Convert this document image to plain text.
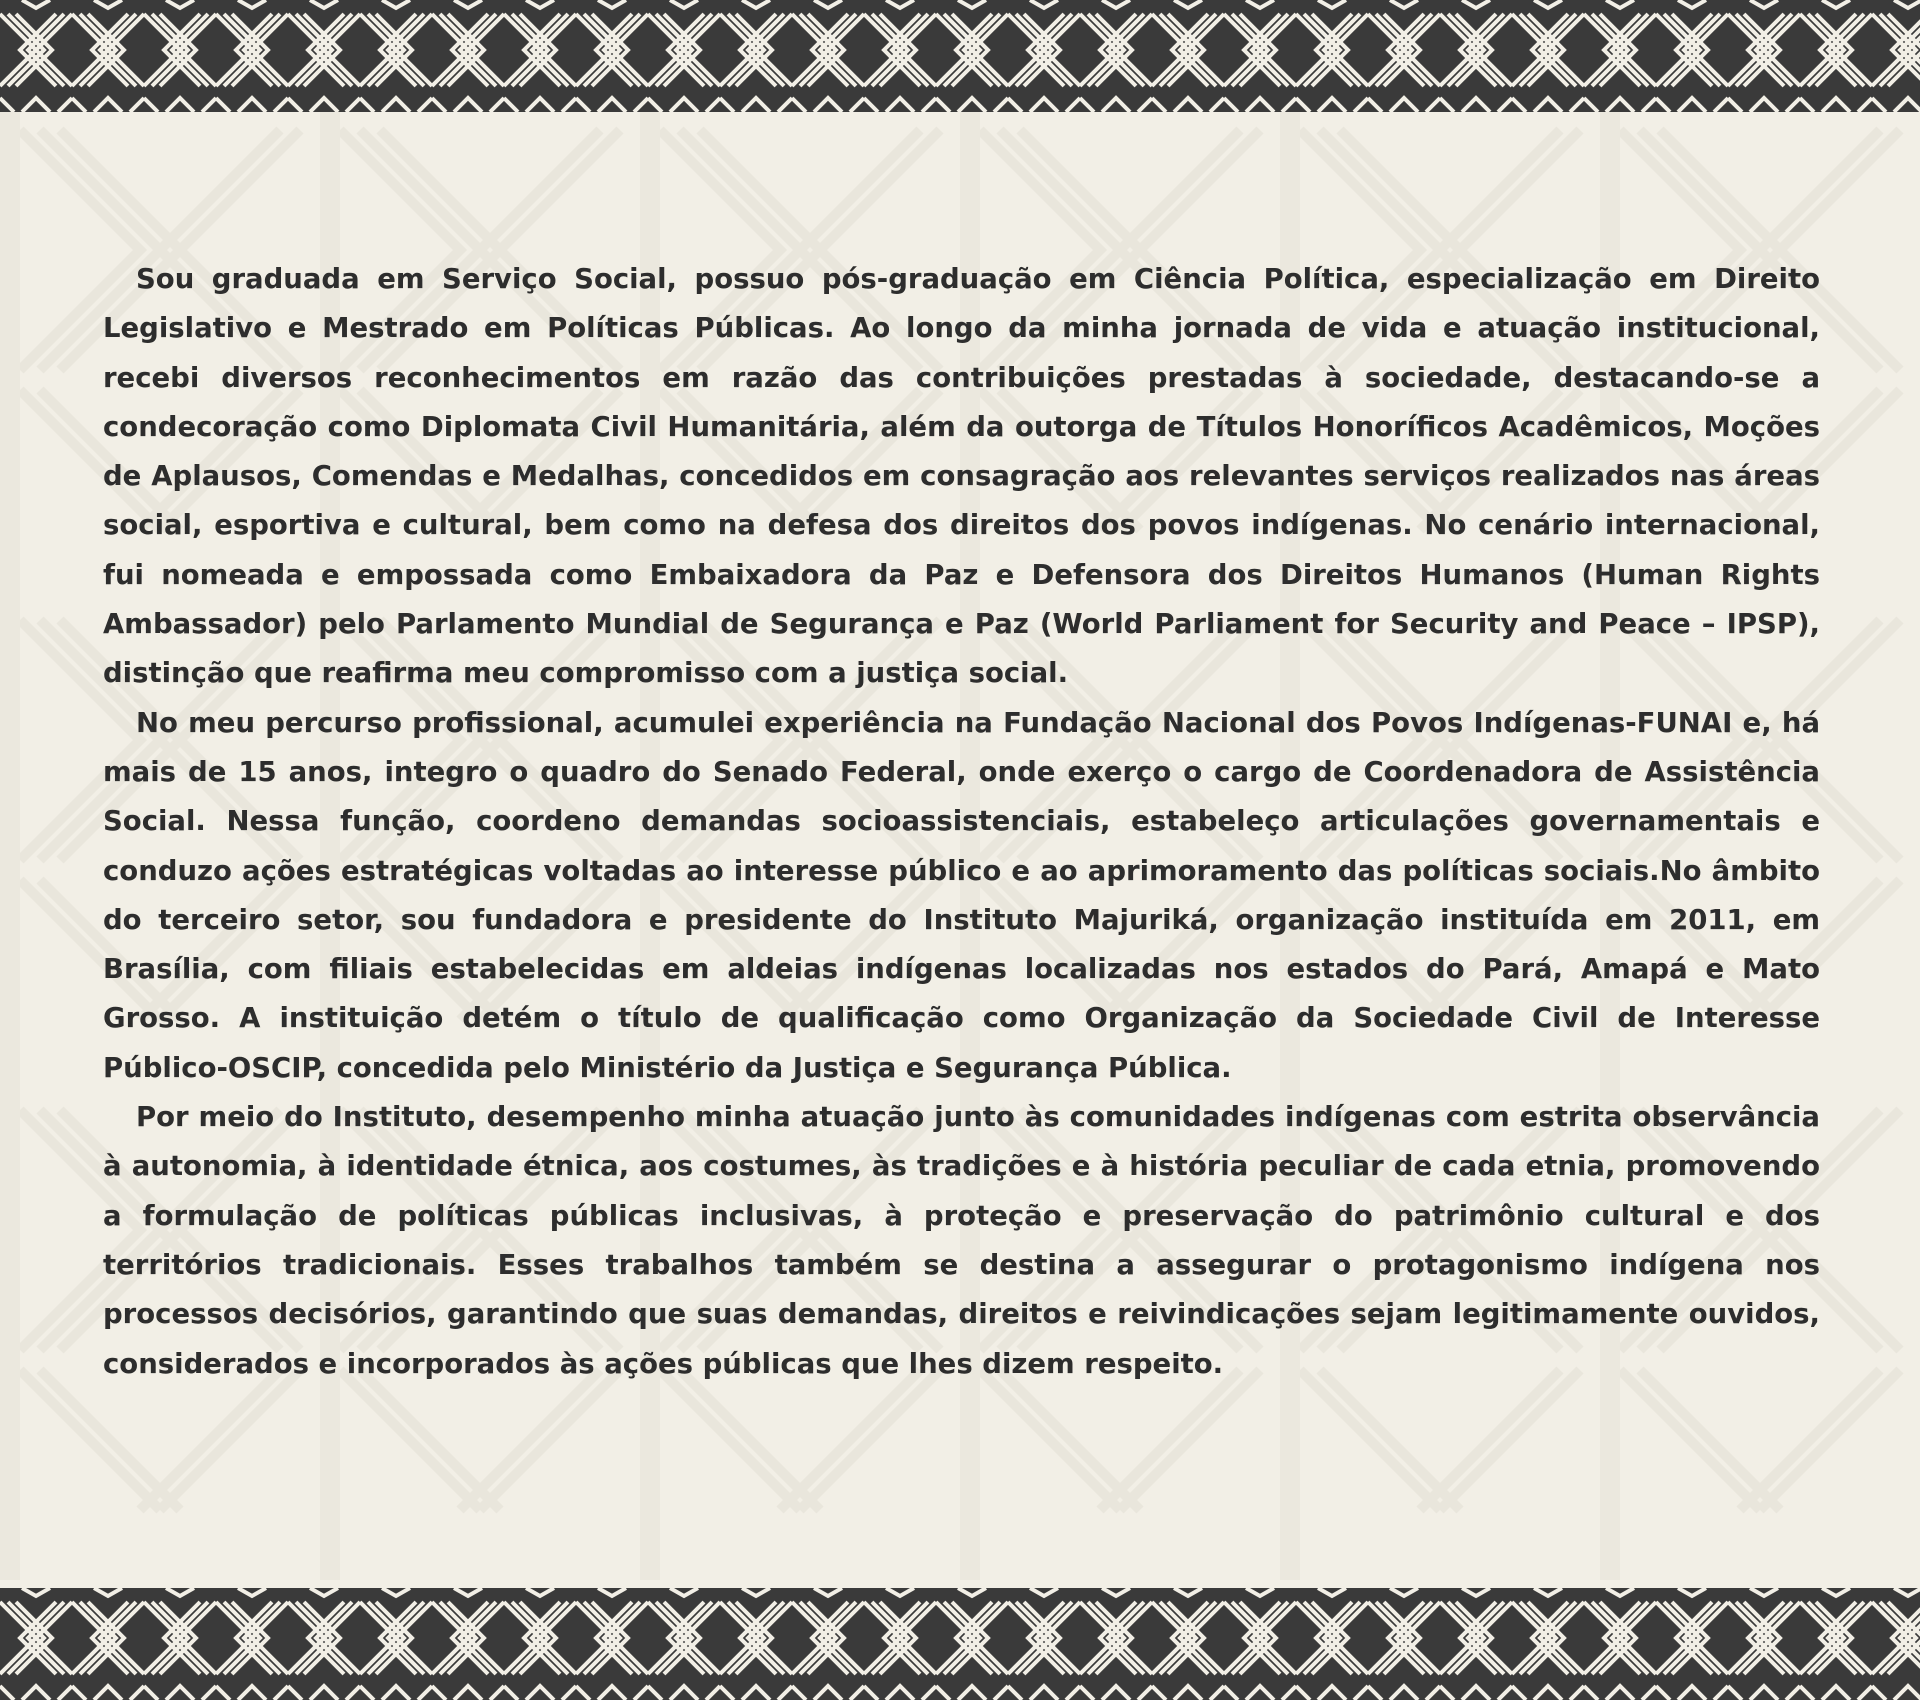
Sou graduada em Serviço Social, possuo pós-graduação em Ciência Política, especialização em Direito Legislativo e Mestrado em Políticas Públicas. Ao longo da minha jornada de vida e atuação institucional, recebi diversos reconhecimentos em razão das contribuições prestadas à sociedade, destacando-se a condecoração como Diplomata Civil Humanitária, além da outorga de Títulos Honoríficos Acadêmicos, Moções de Aplausos, Comendas e Medalhas, concedidos em consagração aos relevantes serviços realizados nas áreas social, esportiva e cultural, bem como na defesa dos direitos dos povos indígenas. No cenário internacional, fui nomeada e empossada como Embaixadora da Paz e Defensora dos Direitos Humanos (Human Rights Ambassador) pelo Parlamento Mundial de Segurança e Paz (World Parliament for Security and Peace – IPSP), distinção que reafirma meu compromisso com a justiça social.

No meu percurso profissional, acumulei experiência na Fundação Nacional dos Povos Indígenas-FUNAI e, há mais de 15 anos, integro o quadro do Senado Federal, onde exerço o cargo de Coordenadora de Assistência Social. Nessa função, coordeno demandas socioassistenciais, estabeleço articulações governamentais e conduzo ações estratégicas voltadas ao interesse público e ao aprimoramento das políticas sociais.No âmbito do terceiro setor, sou fundadora e presidente do Instituto Majuriká, organização instituída em 2011, em Brasília, com filiais estabelecidas em aldeias indígenas localizadas nos estados do Pará, Amapá e Mato Grosso. A instituição detém o título de qualificação como Organização da Sociedade Civil de Interesse Público-OSCIP, concedida pelo Ministério da Justiça e Segurança Pública.

Por meio do Instituto, desempenho minha atuação junto às comunidades indígenas com estrita observância à autonomia, à identidade étnica, aos costumes, às tradições e à história peculiar de cada etnia, promovendo a formulação de políticas públicas inclusivas, à proteção e preservação do patrimônio cultural e dos territórios tradicionais. Esses trabalhos também se destina a assegurar o protagonismo indígena nos processos decisórios, garantindo que suas demandas, direitos e reivindicações sejam legitimamente ouvidos, considerados e incorporados às ações públicas que lhes dizem respeito.
